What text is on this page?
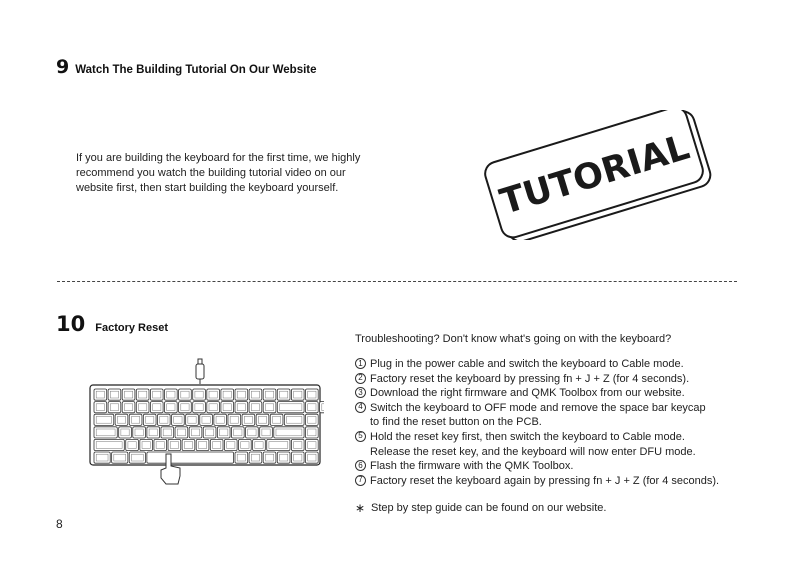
9 Watch The Building Tutorial On Our Website

If you are building the keyboard for the first time, we highly
recommend you watch the building tutorial video on our
website first, then start building the keyboard yourself.	TUTORIAL
10 Factory Reset

Troubleshooting? Don't know what's going on with the keyboard?

1 Plug in the power cable and switch the keyboard to Cable mode.
2 Factory reset the keyboard by pressing fn + J + Z (for 4 seconds).
3 Download the right firmware and QMK Toolbox from our website.
4 Switch the keyboard to OFF mode and remove the space bar keycap
to find the reset button on the PCB.
5 Hold the reset key first, then switch the keyboard to Cable mode.
Release the reset key, and the keyboard will now enter DFU mode.
6 Flash the firmware with the QMK Toolbox.
7 Factory reset the keyboard again by pressing fn + J + Z (for 4 seconds).
∗ Step by step guide can be found on our website.
8
